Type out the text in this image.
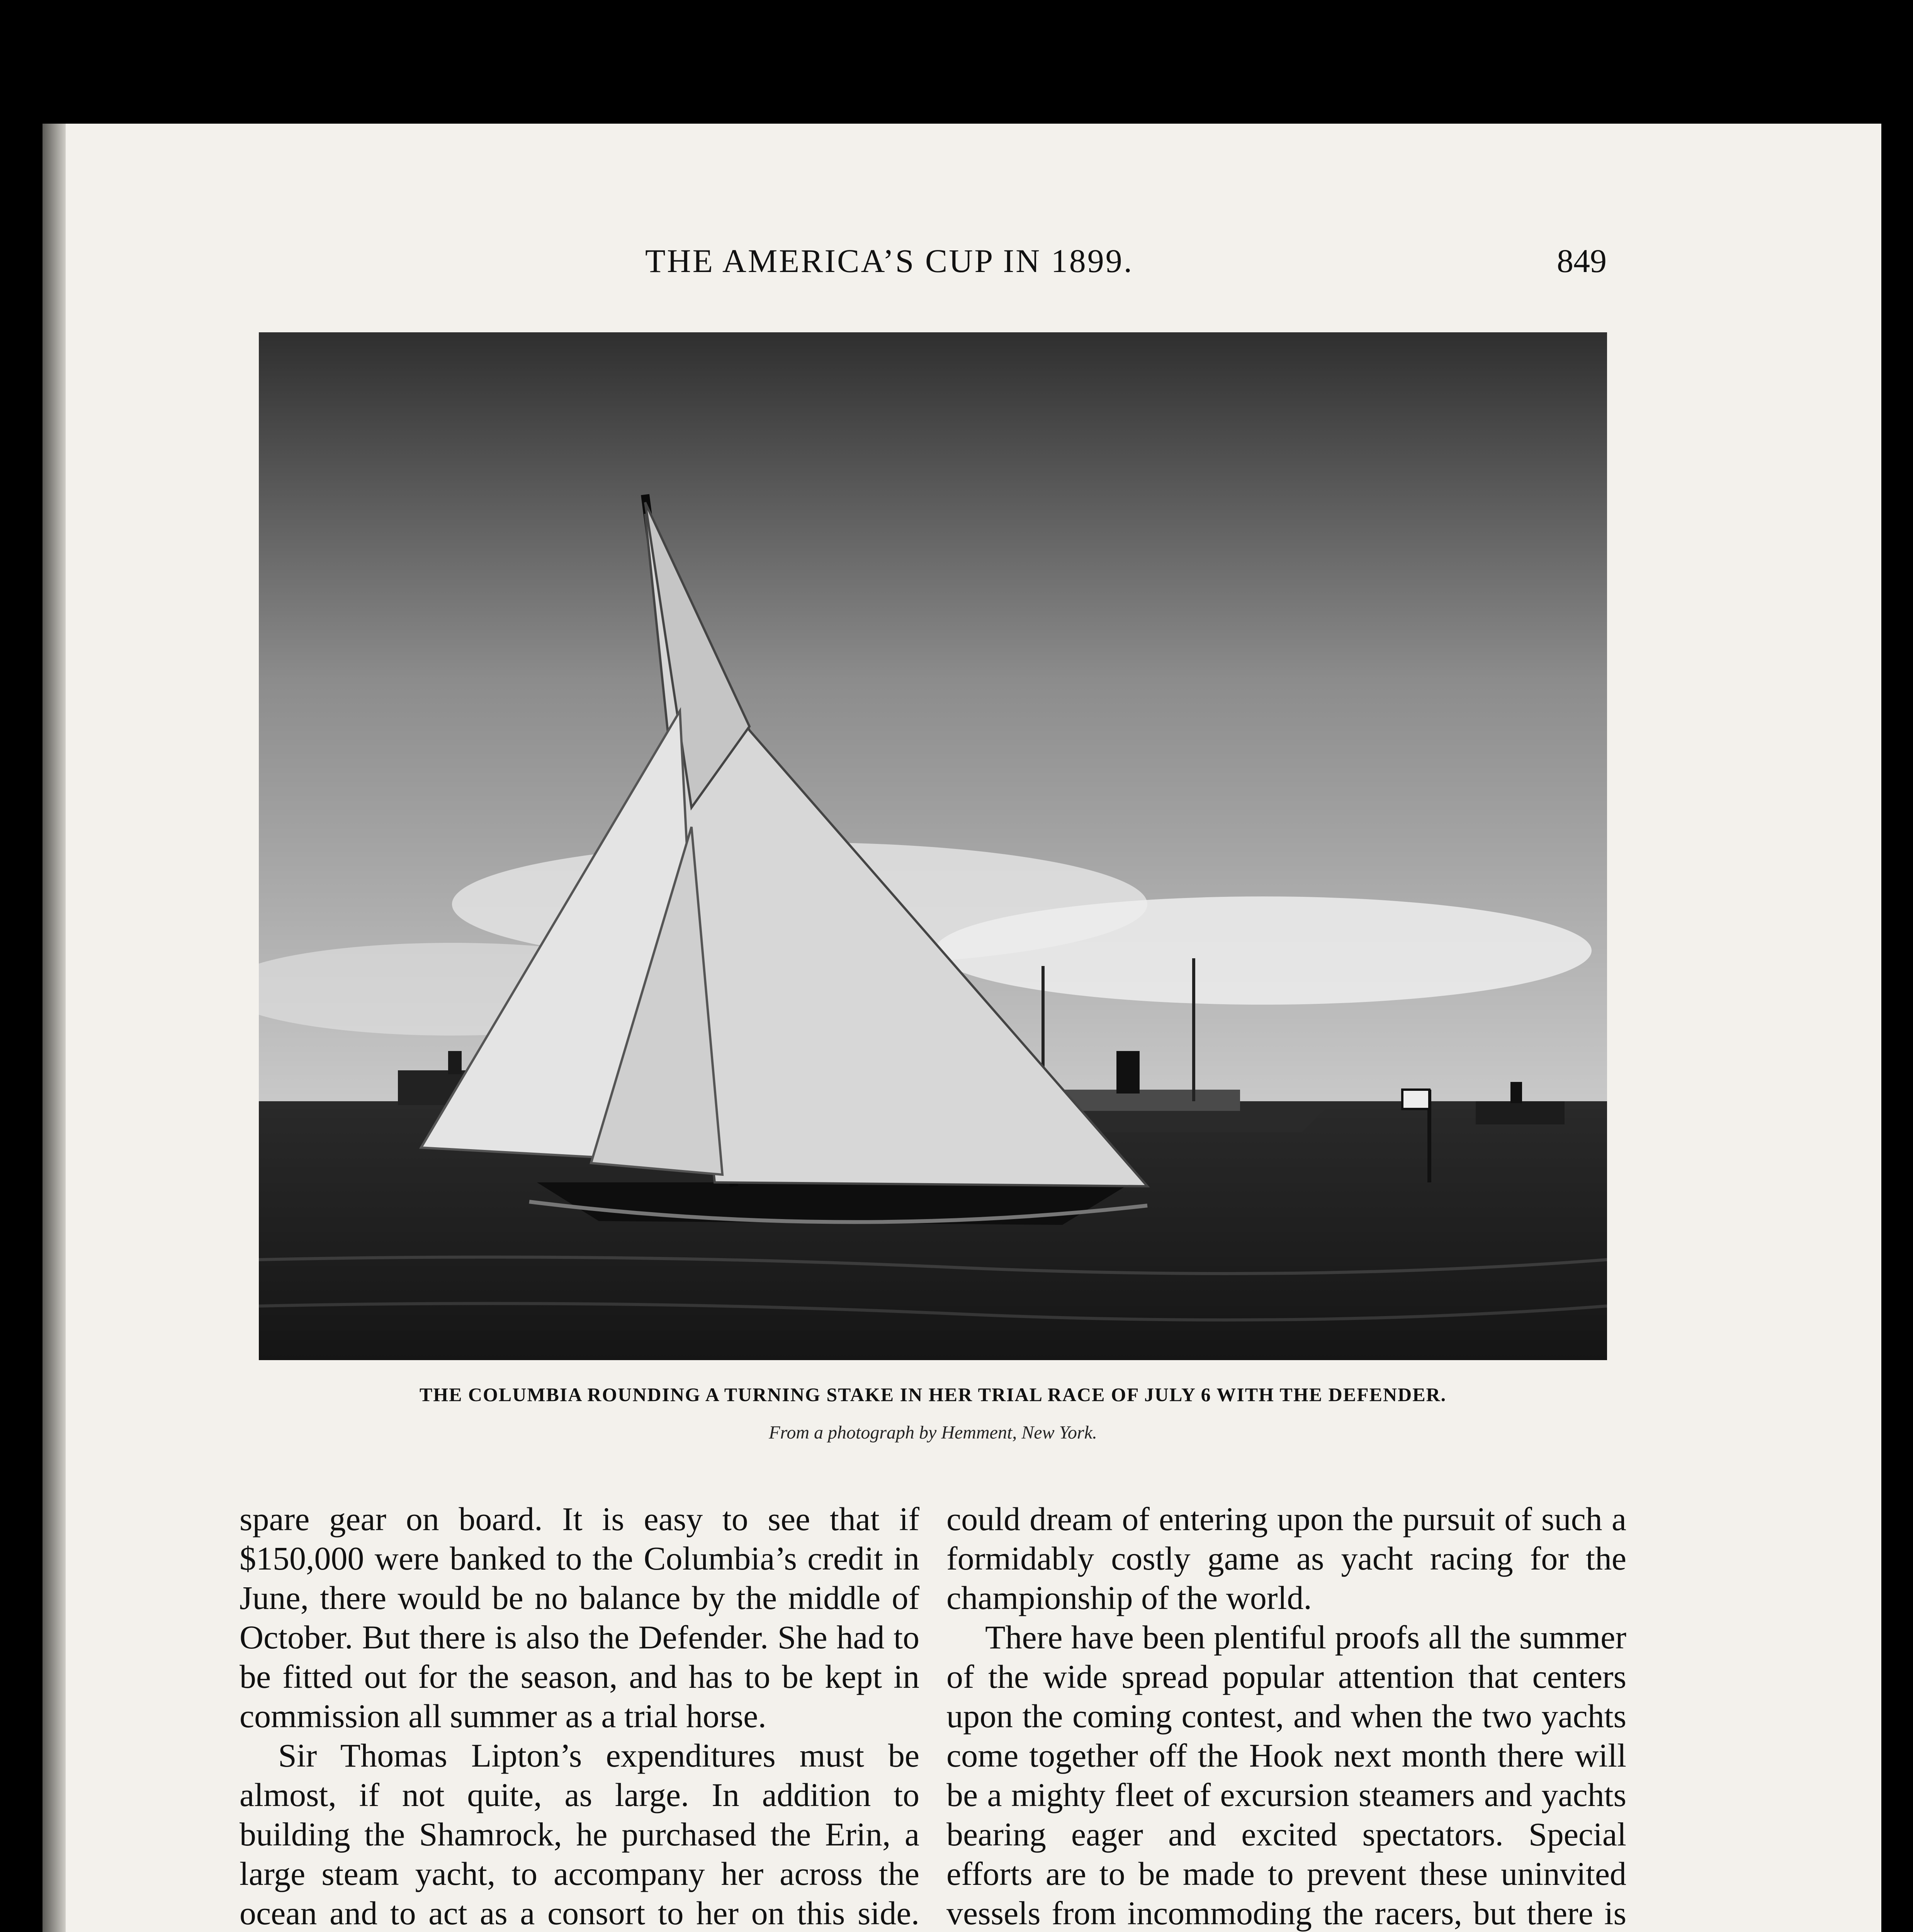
THE AMERICA’S CUP IN 1899.	849
THE COLUMBIA ROUNDING A TURNING STAKE IN HER TRIAL RACE OF JULY 6 WITH THE DEFENDER.
From a photograph by Hemment, New York.

spare gear on board. It is easy to see that if $150,000 were banked to the Columbia’s credit in June, there would be no balance by the middle of October. But there is also the Defender. She had to be fitted out for the season, and has to be kept in commission all summer as a trial horse.

Sir Thomas Lipton’s expenditures must be almost, if not quite, as large. In addition to building the Shamrock, he purchased the Erin, a large steam yacht, to accompany her across the ocean and to act as a consort to her on this side.

could dream of entering upon the pursuit of such a formidably costly game as yacht racing for the championship of the world.

There have been plentiful proofs all the summer of the wide spread popular attention that centers upon the coming contest, and when the two yachts come together off the Hook next month there will be a mighty fleet of excursion steamers and yachts bearing eager and excited spectators. Special efforts are to be made to prevent these uninvited vessels from incommoding the racers, but there is
